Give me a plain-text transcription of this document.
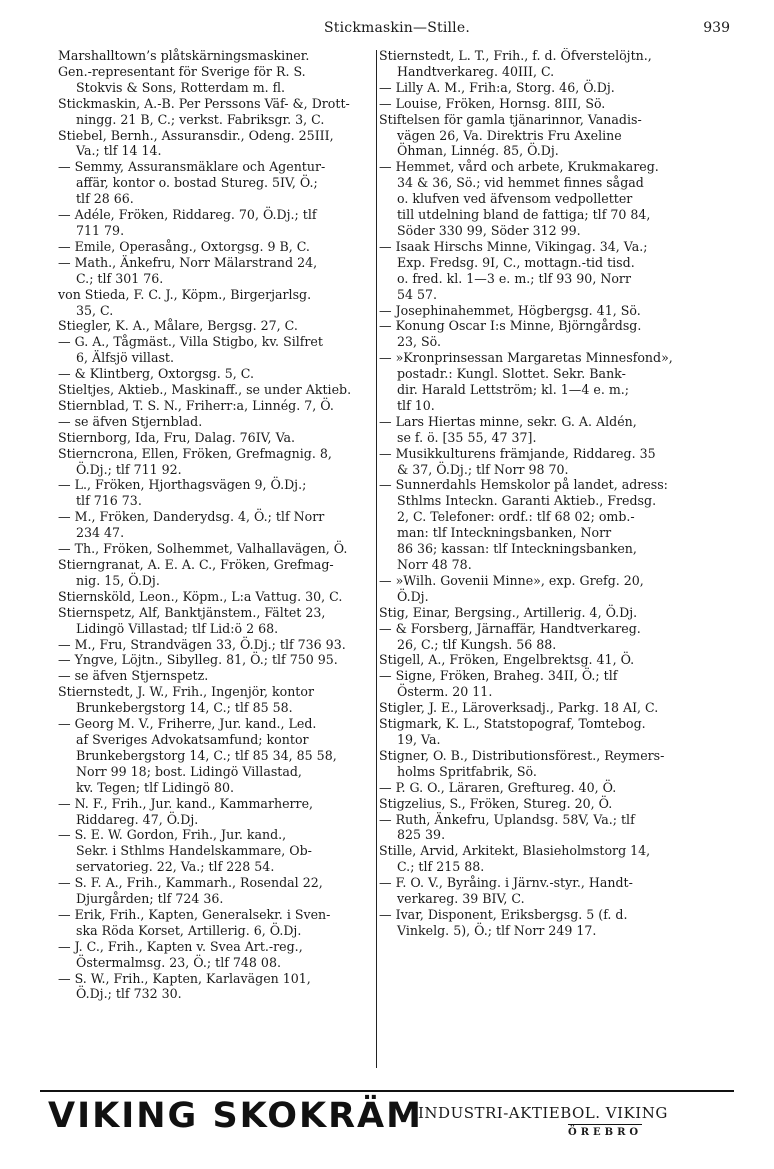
Stickmaskin—Stille.	939

Marshalltown’s plåtskärningsmaskiner.

Gen.-representant för Sverige för R. S.

Stokvis & Sons, Rotterdam m. fl.

Stickmaskin, A.-B. Per Perssons Väf- &, Drott-

ningg. 21 B, C.; verkst. Fabriksgr. 3, C.

Stiebel, Bernh., Assuransdir., Odeng. 25III,

Va.; tlf 14 14.

— Semmy, Assuransmäklare och Agentur-

affär, kontor o. bostad Stureg. 5IV, Ö.;

tlf 28 66.

— Adéle, Fröken, Riddareg. 70, Ö.Dj.; tlf

711 79.

— Emile, Operasång., Oxtorgsg. 9 B, C.

— Math., Änkefru, Norr Mälarstrand 24,

C.; tlf 301 76.

von Stieda, F. C. J., Köpm., Birgerjarlsg.

35, C.

Stiegler, K. A., Målare, Bergsg. 27, C.

— G. A., Tågmäst., Villa Stigbo, kv. Silfret

6, Älfsjö villast.

— & Klintberg, Oxtorgsg. 5, C.

Stieltjes, Aktieb., Maskinaff., se under Aktieb.

Stiernblad, T. S. N., Friherr:a, Linnég. 7, Ö.

— se äfven Stjernblad.

Stiernborg, Ida, Fru, Dalag. 76IV, Va.

Stierncrona, Ellen, Fröken, Grefmagnig. 8,

Ö.Dj.; tlf 711 92.

— L., Fröken, Hjorthagsvägen 9, Ö.Dj.;

tlf 716 73.

— M., Fröken, Danderydsg. 4, Ö.; tlf Norr

234 47.

— Th., Fröken, Solhemmet, Valhallavägen, Ö.

Stierngranat, A. E. A. C., Fröken, Grefmag-

nig. 15, Ö.Dj.

Stiernsköld, Leon., Köpm., L:a Vattug. 30, C.

Stiernspetz, Alf, Banktjänstem., Fältet 23,

Lidingö Villastad; tlf Lid:ö 2 68.

— M., Fru, Strandvägen 33, Ö.Dj.; tlf 736 93.

— Yngve, Löjtn., Sibylleg. 81, Ö.; tlf 750 95.

— se äfven Stjernspetz.

Stiernstedt, J. W., Frih., Ingenjör, kontor

Brunkebergstorg 14, C.; tlf 85 58.

— Georg M. V., Friherre, Jur. kand., Led.

af Sveriges Advokatsamfund; kontor

Brunkebergstorg 14, C.; tlf 85 34, 85 58,

Norr 99 18; bost. Lidingö Villastad,

kv. Tegen; tlf Lidingö 80.

— N. F., Frih., Jur. kand., Kammarherre,

Riddareg. 47, Ö.Dj.

— S. E. W. Gordon, Frih., Jur. kand.,

Sekr. i Sthlms Handelskammare, Ob-

servatorieg. 22, Va.; tlf 228 54.

— S. F. A., Frih., Kammarh., Rosendal 22,

Djurgården; tlf 724 36.

— Erik, Frih., Kapten, Generalsekr. i Sven-

ska Röda Korset, Artillerig. 6, Ö.Dj.

— J. C., Frih., Kapten v. Svea Art.-reg.,

Östermalmsg. 23, Ö.; tlf 748 08.

— S. W., Frih., Kapten, Karlavägen 101,

Ö.Dj.; tlf 732 30.

Stiernstedt, L. T., Frih., f. d. Öfverstelöjtn.,

Handtverkareg. 40III, C.

— Lilly A. M., Frih:a, Storg. 46, Ö.Dj.

— Louise, Fröken, Hornsg. 8III, Sö.

Stiftelsen för gamla tjänarinnor, Vanadis-

vägen 26, Va. Direktris Fru Axeline

Öhman, Linnég. 85, Ö.Dj.

— Hemmet, vård och arbete, Krukmakareg.

34 & 36, Sö.; vid hemmet finnes sågad

o. klufven ved äfvensom vedpolletter

till utdelning bland de fattiga; tlf 70 84,

Söder 330 99, Söder 312 99.

— Isaak Hirschs Minne, Vikingag. 34, Va.;

Exp. Fredsg. 9I, C., mottagn.-tid tisd.

o. fred. kl. 1—3 e. m.; tlf 93 90, Norr

54 57.

— Josephinahemmet, Högbergsg. 41, Sö.

— Konung Oscar I:s Minne, Björngårdsg.

23, Sö.

— »Kronprinsessan Margaretas Minnesfond»,

postadr.: Kungl. Slottet. Sekr. Bank-

dir. Harald Lettström; kl. 1—4 e. m.;

tlf 10.

— Lars Hiertas minne, sekr. G. A. Aldén,

se f. ö. [35 55, 47 37].

— Musikkulturens främjande, Riddareg. 35

& 37, Ö.Dj.; tlf Norr 98 70.

— Sunnerdahls Hemskolor på landet, adress:

Sthlms Inteckn. Garanti Aktieb., Fredsg.

2, C. Telefoner: ordf.: tlf 68 02; omb.-

man: tlf Inteckningsbanken, Norr

86 36; kassan: tlf Inteckningsbanken,

Norr 48 78.

— »Wilh. Govenii Minne», exp. Grefg. 20,

Ö.Dj.

Stig, Einar, Bergsing., Artillerig. 4, Ö.Dj.

— & Forsberg, Järnaffär, Handtverkareg.

26, C.; tlf Kungsh. 56 88.

Stigell, A., Fröken, Engelbrektsg. 41, Ö.

— Signe, Fröken, Braheg. 34II, Ö.; tlf

Österm. 20 11.

Stigler, J. E., Läroverksadj., Parkg. 18 AI, C.

Stigmark, K. L., Statstopograf, Tomtebog.

19, Va.

Stigner, O. B., Distributionsförest., Reymers-

holms Spritfabrik, Sö.

— P. G. O., Läraren, Greftureg. 40, Ö.

Stigzelius, S., Fröken, Stureg. 20, Ö.

— Ruth, Änkefru, Uplandsg. 58V, Va.; tlf

825 39.

Stille, Arvid, Arkitekt, Blasieholmstorg 14,

C.; tlf 215 88.

— F. O. V., Byråing. i Järnv.-styr., Handt-

verkareg. 39 BIV, C.

— Ivar, Disponent, Eriksbergsg. 5 (f. d.

Vinkelg. 5), Ö.; tlf Norr 249 17.

VIKING SKOKRÄM
INDUSTRI-AKTIEBOL. VIKING
ÖREBRO
